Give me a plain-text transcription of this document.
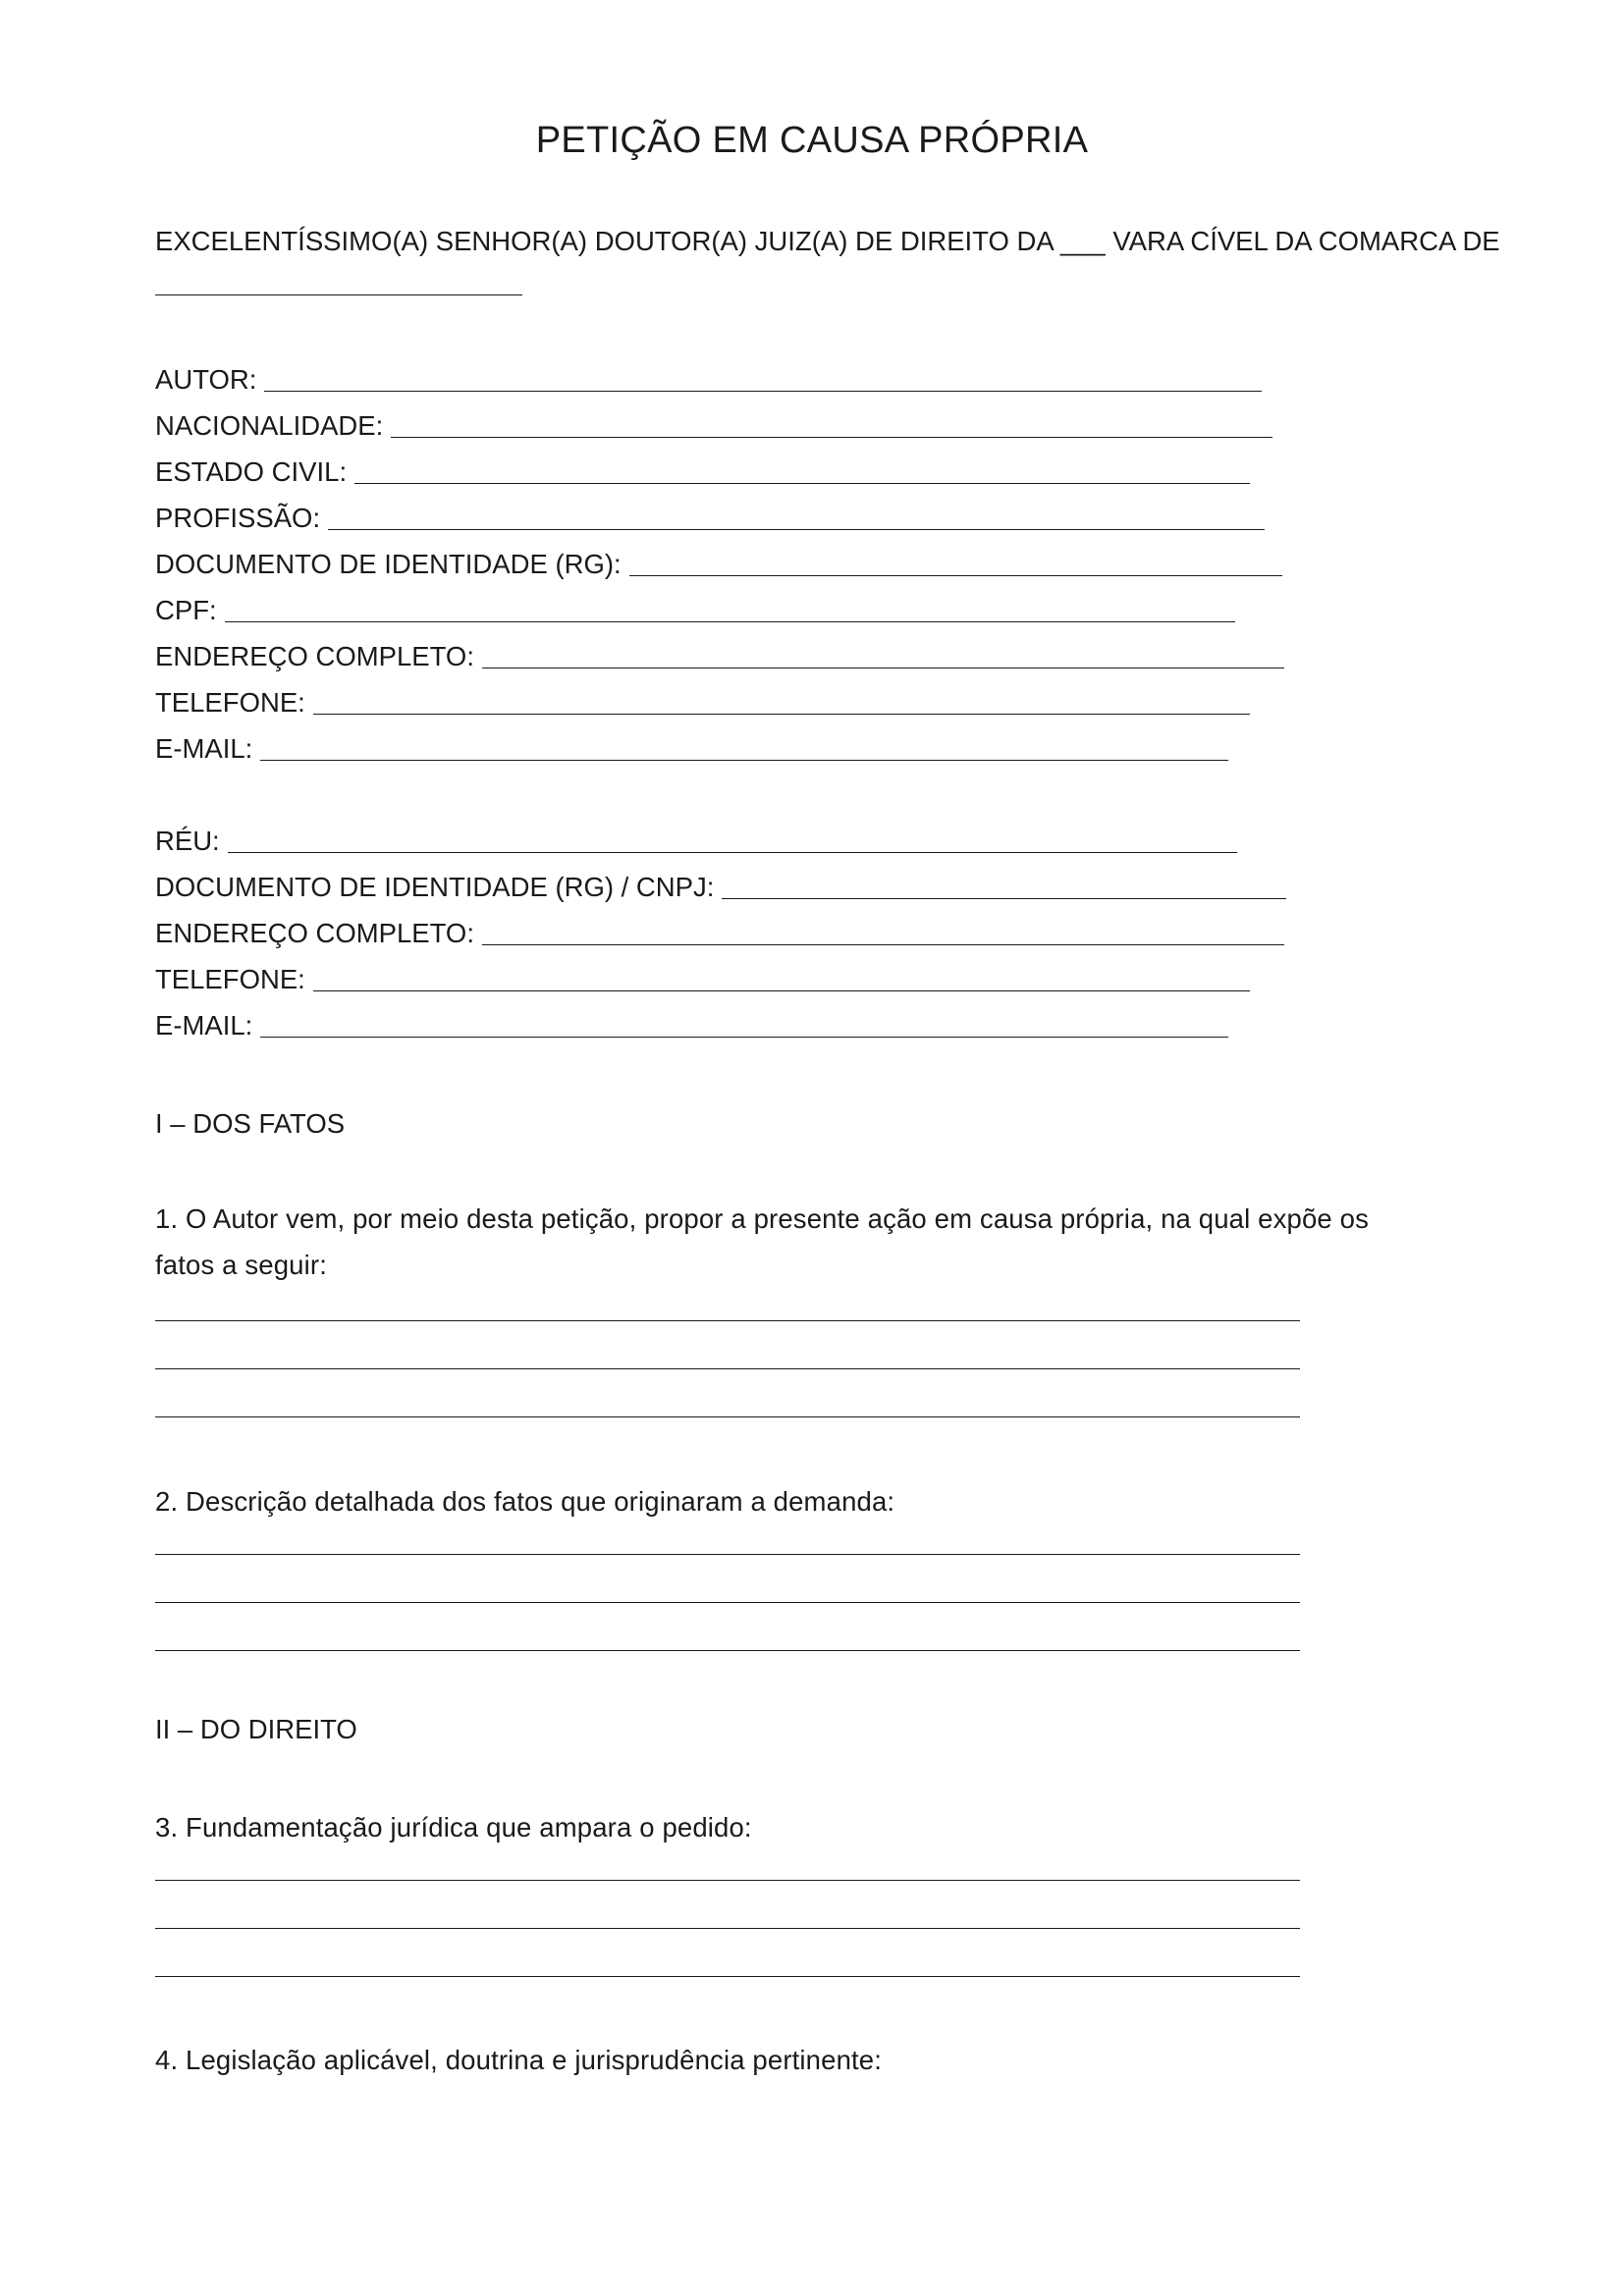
PETIÇÃO EM CAUSA PRÓPRIA
EXCELENTÍSSIMO(A) SENHOR(A) DOUTOR(A) JUIZ(A) DE DIREITO DA ___ VARA CÍVEL DA COMARCA DE
AUTOR:
NACIONALIDADE:
ESTADO CIVIL:
PROFISSÃO:
DOCUMENTO DE IDENTIDADE (RG):
CPF:
ENDEREÇO COMPLETO:
TELEFONE:
E-MAIL:
RÉU:
DOCUMENTO DE IDENTIDADE (RG) / CNPJ:
ENDEREÇO COMPLETO:
TELEFONE:
E-MAIL:
I – DOS FATOS
1. O Autor vem, por meio desta petição, propor a presente ação em causa própria, na qual expõe os fatos a seguir:
2. Descrição detalhada dos fatos que originaram a demanda:
II – DO DIREITO
3. Fundamentação jurídica que ampara o pedido:
4. Legislação aplicável, doutrina e jurisprudência pertinente:
